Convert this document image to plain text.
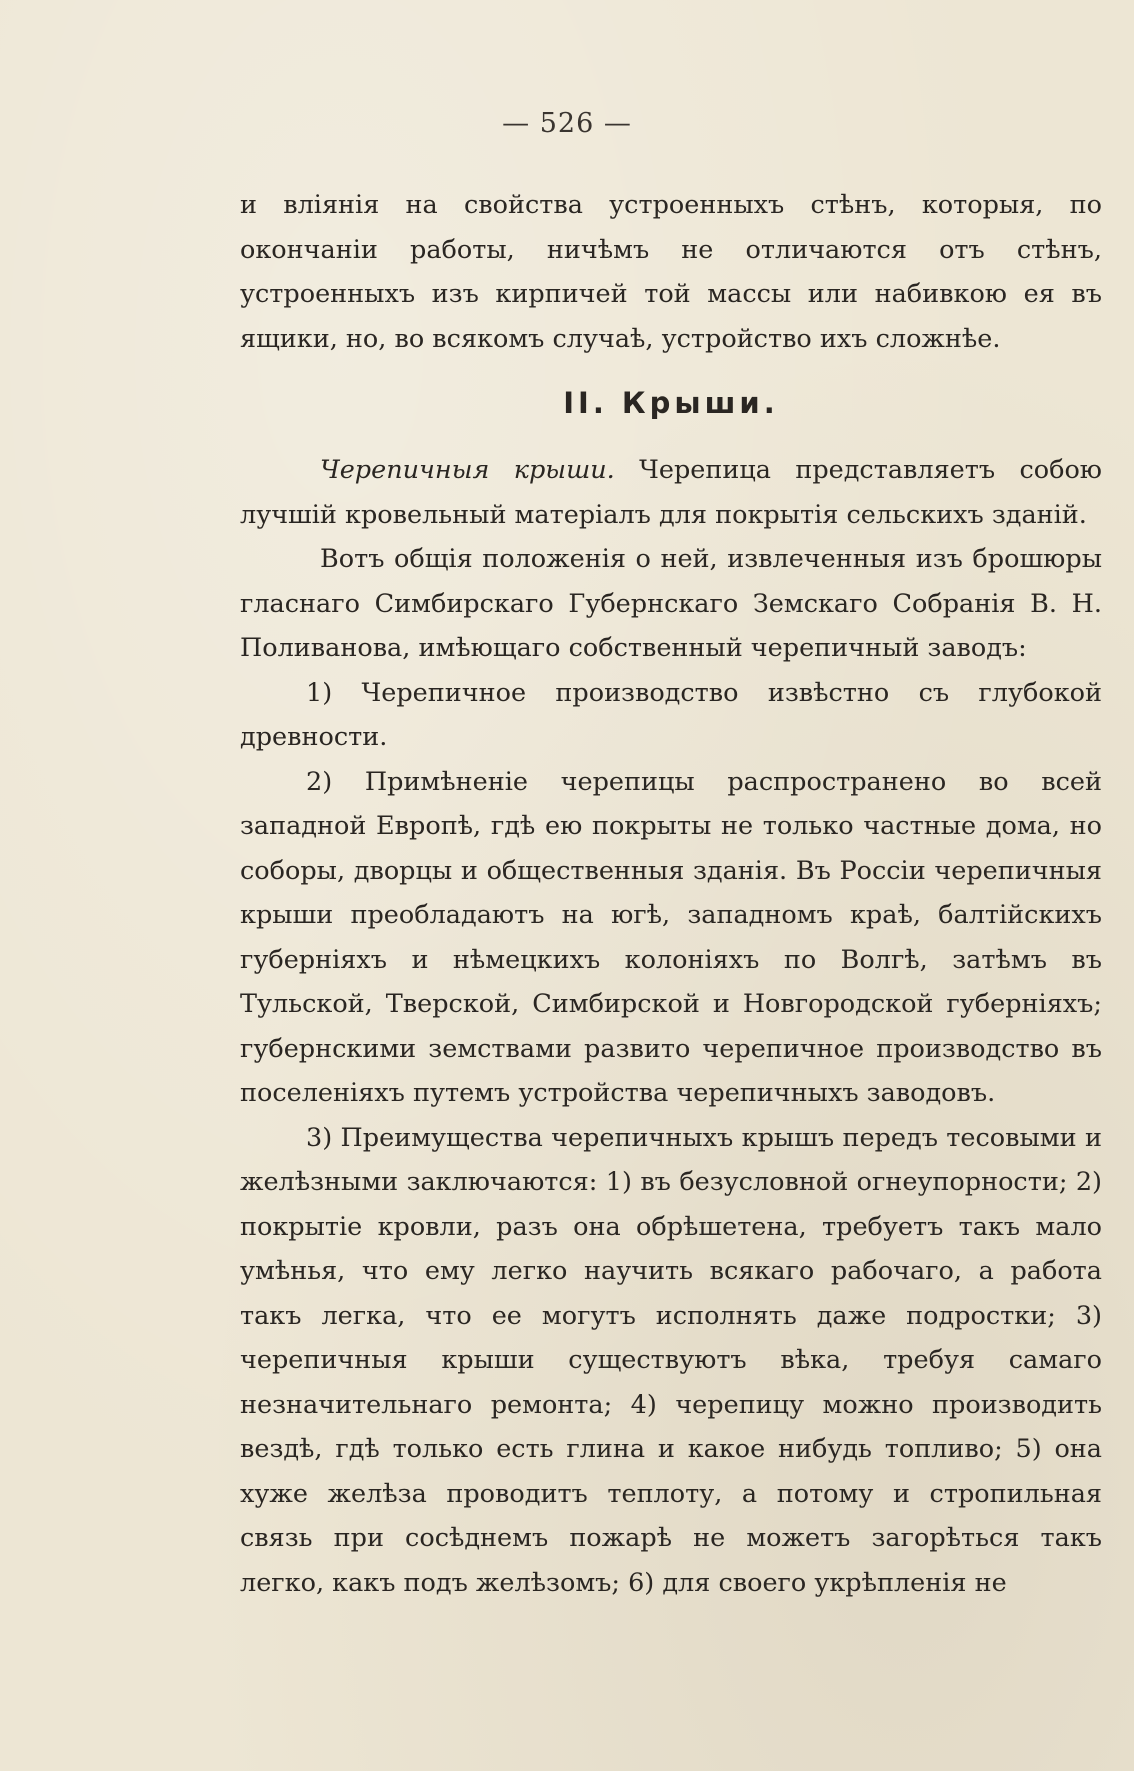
— 526 —

и вліянія на свойства устроенныхъ стѣнъ, которыя, по окончаніи работы, ничѣмъ не отличаются отъ стѣнъ, устроенныхъ изъ кирпичей той массы или набивкою ея въ ящики, но, во всякомъ случаѣ, устройство ихъ сложнѣе.

II. Крыши.

Черепичныя крыши. Черепица представляетъ собою лучшій кровельный матеріалъ для покрытія сельскихъ зданій.

Вотъ общія положенія о ней, извлеченныя изъ брошюры гласнаго Симбирскаго Губернскаго Земскаго Собранія В. Н. Поливанова, имѣющаго собственный черепичный заводъ:

1) Черепичное производство извѣстно съ глубокой древности.

2) Примѣненіе черепицы распространено во всей западной Европѣ, гдѣ ею покрыты не только частные дома, но соборы, дворцы и общественныя зданія. Въ Россіи черепичныя крыши преобладаютъ на югѣ, западномъ краѣ, балтійскихъ губерніяхъ и нѣмецкихъ колоніяхъ по Волгѣ, затѣмъ въ Тульской, Тверской, Симбирской и Новгородской губерніяхъ; губернскими земствами развито черепичное производство въ поселеніяхъ путемъ устройства черепичныхъ заводовъ.

3) Преимущества черепичныхъ крышъ передъ тесовыми и желѣзными заключаются: 1) въ безусловной огнеупорности; 2) покрытіе кровли, разъ она обрѣшетена, требуетъ такъ мало умѣнья, что ему легко научить всякаго рабочаго, а работа такъ легка, что ее могутъ исполнять даже подростки; 3) черепичныя крыши существуютъ вѣка, требуя самаго незначительнаго ремонта; 4) черепицу можно производить вездѣ, гдѣ только есть глина и какое нибудь топливо; 5) она хуже желѣза проводитъ теплоту, а потому и стропильная связь при сосѣднемъ пожарѣ не можетъ загорѣться такъ легко, какъ подъ желѣзомъ; 6) для своего укрѣпленія не
